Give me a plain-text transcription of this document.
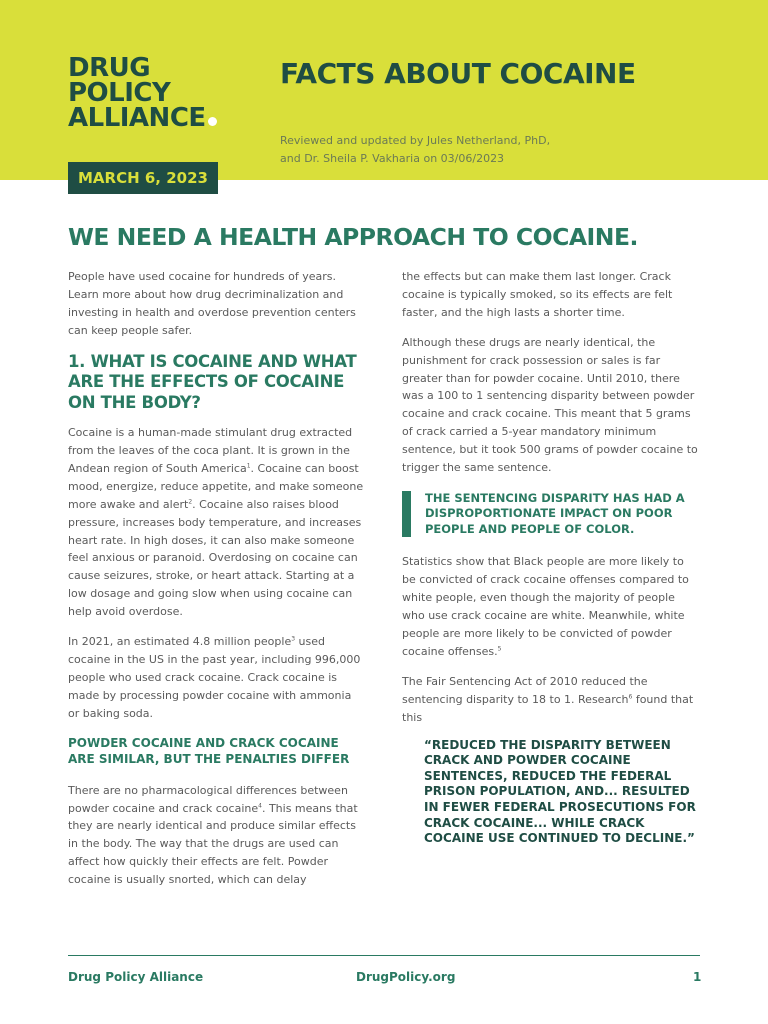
DRUG
POLICY
ALLIANCE
FACTS ABOUT COCAINE
Reviewed and updated by Jules Netherland, PhD,
and Dr. Sheila P. Vakharia on 03/06/2023
MARCH 6, 2023
WE NEED A HEALTH APPROACH TO COCAINE.

People have used cocaine for hundreds of years. Learn more about how drug decriminalization and investing in health and overdose prevention centers can keep people safer.

1. WHAT IS COCAINE AND WHAT ARE THE EFFECTS OF COCAINE ON THE BODY?

Cocaine is a human-made stimulant drug extracted from the leaves of the coca plant. It is grown in the Andean region of South America$^1$. Cocaine can boost mood, energize, reduce appetite, and make someone more awake and alert$^2$. Cocaine also raises blood pressure, increases body temperature, and increases heart rate. In high doses, it can also make someone feel anxious or paranoid. Overdosing on cocaine can cause seizures, stroke, or heart attack. Starting at a low dosage and going slow when using cocaine can help avoid overdose.

In 2021, an estimated 4.8 million people$^3$ used cocaine in the US in the past year, including 996,000 people who used crack cocaine. Crack cocaine is made by processing powder cocaine with ammonia or baking soda.

POWDER COCAINE AND CRACK COCAINE ARE SIMILAR, BUT THE PENALTIES DIFFER

There are no pharmacological differences between powder cocaine and crack cocaine$^4$. This means that they are nearly identical and produce similar effects in the body. The way that the drugs are used can affect how quickly their effects are felt. Powder cocaine is usually snorted, which can delay

the effects but can make them last longer. Crack cocaine is typically smoked, so its effects are felt faster, and the high lasts a shorter time.

Although these drugs are nearly identical, the punishment for crack possession or sales is far greater than for powder cocaine. Until 2010, there was a 100 to 1 sentencing disparity between powder cocaine and crack cocaine. This meant that 5 grams of crack carried a 5-year mandatory minimum sentence, but it took 500 grams of powder cocaine to trigger the same sentence.

THE SENTENCING DISPARITY HAS HAD A DISPROPORTIONATE IMPACT ON POOR PEOPLE AND PEOPLE OF COLOR.

Statistics show that Black people are more likely to be convicted of crack cocaine offenses compared to white people, even though the majority of people who use crack cocaine are white. Meanwhile, white people are more likely to be convicted of powder cocaine offenses.$^5$

The Fair Sentencing Act of 2010 reduced the sentencing disparity to 18 to 1. Research$^6$ found that this

“REDUCED THE DISPARITY BETWEEN CRACK AND POWDER COCAINE SENTENCES, REDUCED THE FEDERAL PRISON POPULATION, AND... RESULTED IN FEWER FEDERAL PROSECUTIONS FOR CRACK COCAINE... WHILE CRACK COCAINE USE CONTINUED TO DECLINE.”
Drug Policy Alliance	DrugPolicy.org	1
